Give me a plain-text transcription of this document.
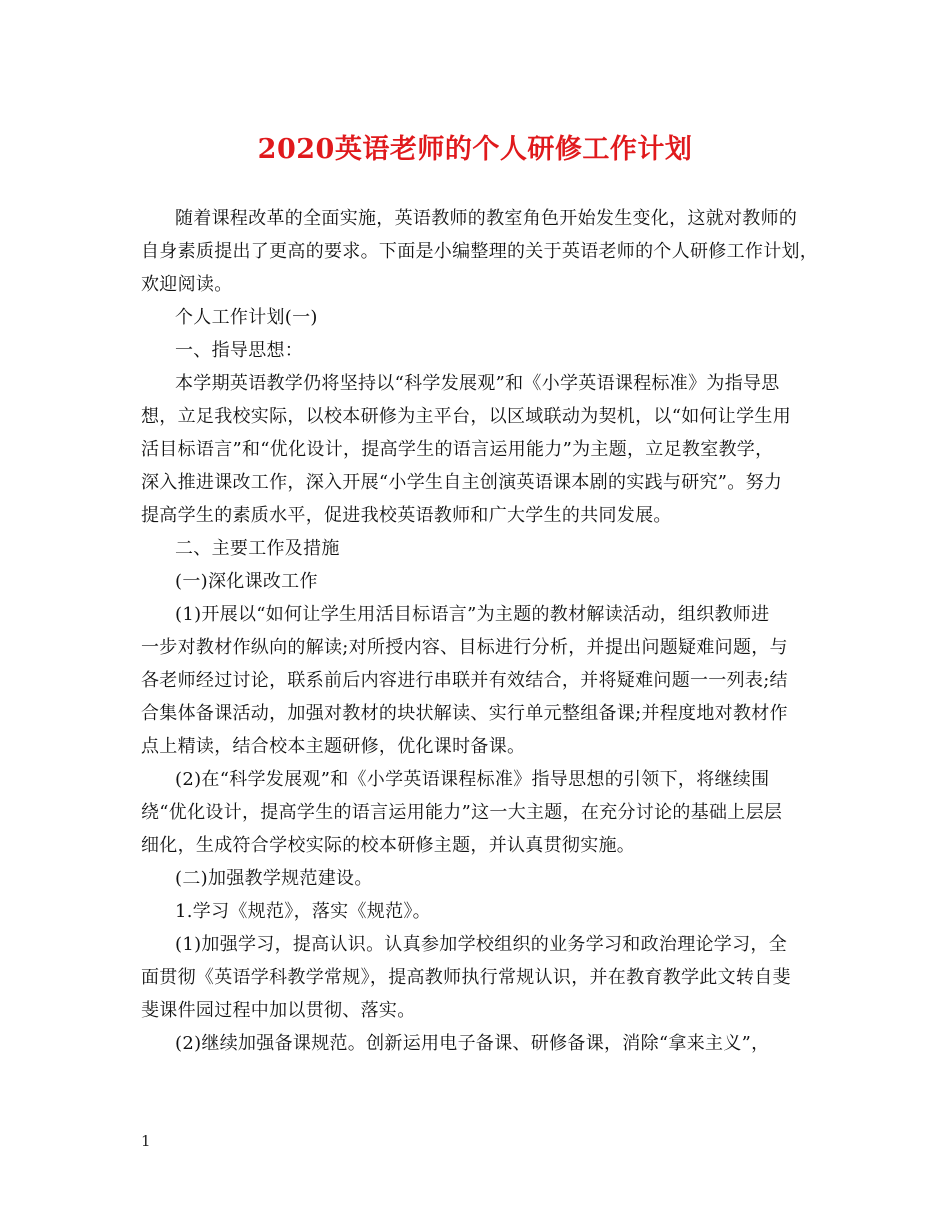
2020英语老师的个人研修工作计划
随着课程改革的全面实施，英语教师的教室角色开始发生变化，这就对教师的
自身素质提出了更高的要求。下面是小编整理的关于英语老师的个人研修工作计划，
欢迎阅读。
个人工作计划(一)
一、指导思想：
本学期英语教学仍将坚持以“科学发展观”和《小学英语课程标准》为指导思
想，立足我校实际，以校本研修为主平台，以区域联动为契机，以“如何让学生用
活目标语言”和“优化设计，提高学生的语言运用能力”为主题，立足教室教学，
深入推进课改工作，深入开展“小学生自主创演英语课本剧的实践与研究”。努力
提高学生的素质水平，促进我校英语教师和广大学生的共同发展。
二、主要工作及措施
(一)深化课改工作
(1)开展以“如何让学生用活目标语言”为主题的教材解读活动，组织教师进
一步对教材作纵向的解读;对所授内容、目标进行分析，并提出问题疑难问题，与
各老师经过讨论，联系前后内容进行串联并有效结合，并将疑难问题一一列表;结
合集体备课活动，加强对教材的块状解读、实行单元整组备课;并程度地对教材作
点上精读，结合校本主题研修，优化课时备课。
(2)在“科学发展观”和《小学英语课程标准》指导思想的引领下，将继续围
绕“优化设计，提高学生的语言运用能力”这一大主题，在充分讨论的基础上层层
细化，生成符合学校实际的校本研修主题，并认真贯彻实施。
(二)加强教学规范建设。
1.学习《规范》，落实《规范》。
(1)加强学习，提高认识。认真参加学校组织的业务学习和政治理论学习，全
面贯彻《英语学科教学常规》，提高教师执行常规认识，并在教育教学此文转自斐
斐课件园过程中加以贯彻、落实。
(2)继续加强备课规范。创新运用电子备课、研修备课，消除“拿来主义”，
1
